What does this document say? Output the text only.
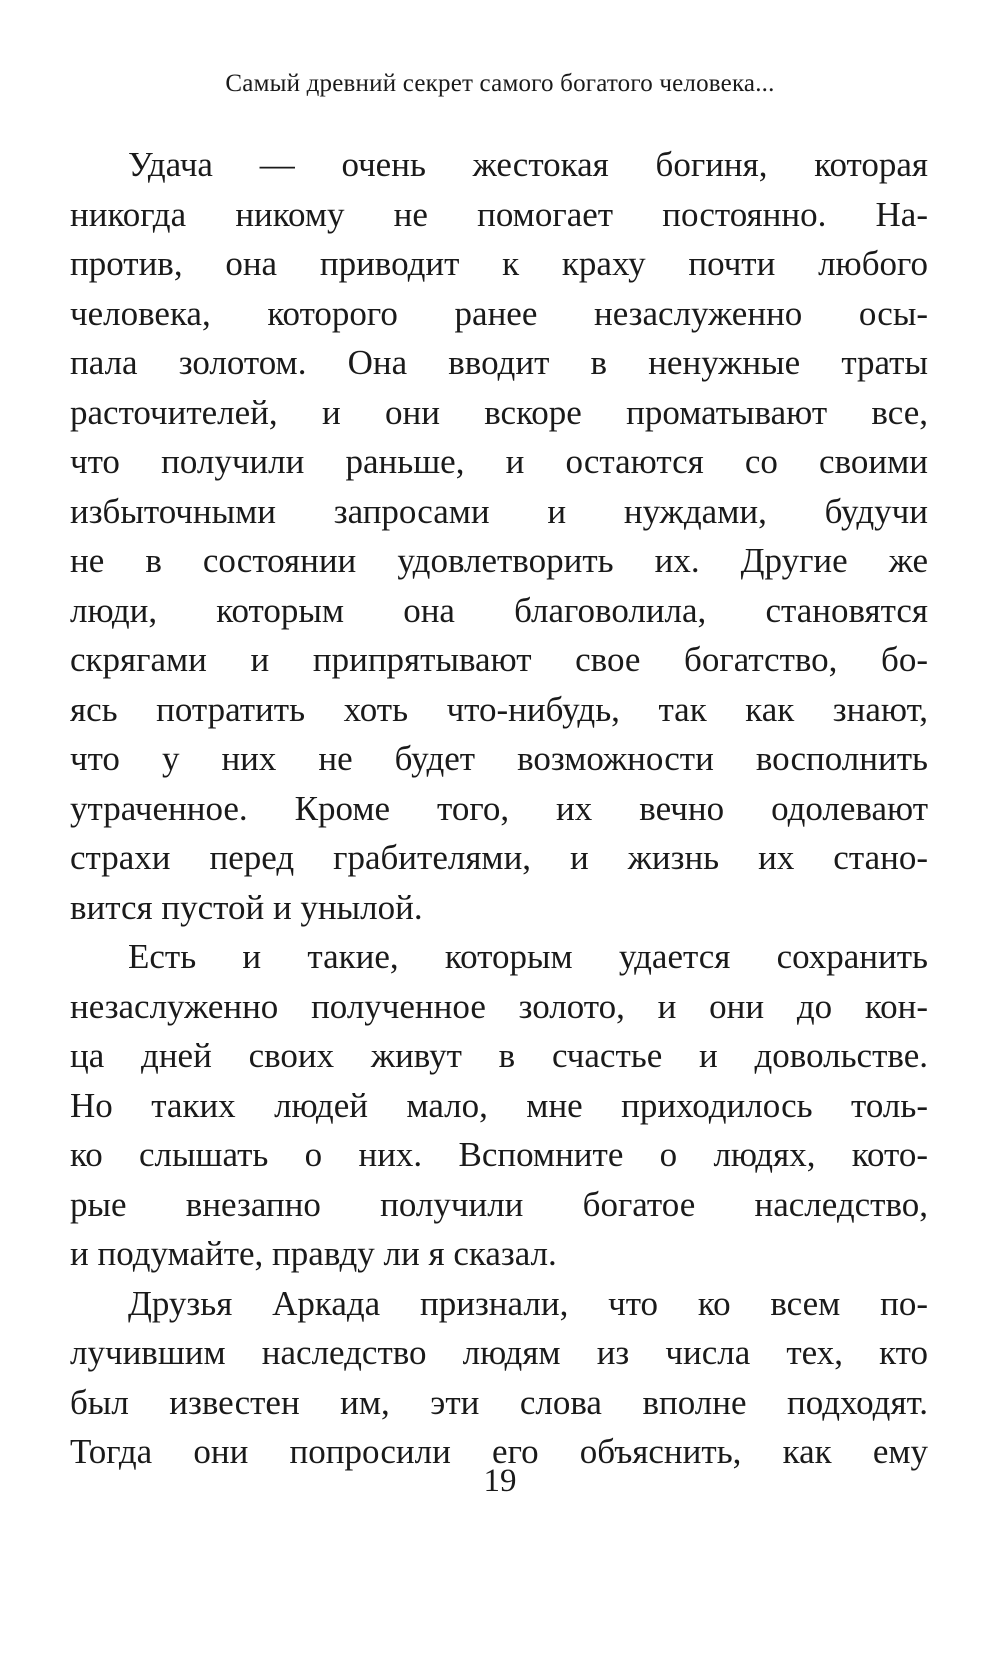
Самый древний секрет самого богатого человека...
Удача — очень жестокая богиня, которая
никогда никому не помогает постоянно. На-
против, она приводит к краху почти любого
человека, которого ранее незаслуженно осы-
пала золотом. Она вводит в ненужные траты
расточителей, и они вскоре проматывают все,
что получили раньше, и остаются со своими
избыточными запросами и нуждами, будучи
не в состоянии удовлетворить их. Другие же
люди, которым она благоволила, становятся
скрягами и припрятывают свое богатство, бо-
ясь потратить хоть что-нибудь, так как знают,
что у них не будет возможности восполнить
утраченное. Кроме того, их вечно одолевают
страхи перед грабителями, и жизнь их стано-
вится пустой и унылой.
Есть и такие, которым удается сохранить
незаслуженно полученное золото, и они до кон-
ца дней своих живут в счастье и довольстве.
Но таких людей мало, мне приходилось толь-
ко слышать о них. Вспомните о людях, кото-
рые внезапно получили богатое наследство,
и подумайте, правду ли я сказал.
Друзья Аркада признали, что ко всем по-
лучившим наследство людям из числа тех, кто
был известен им, эти слова вполне подходят.
Тогда они попросили его объяснить, как ему
19
